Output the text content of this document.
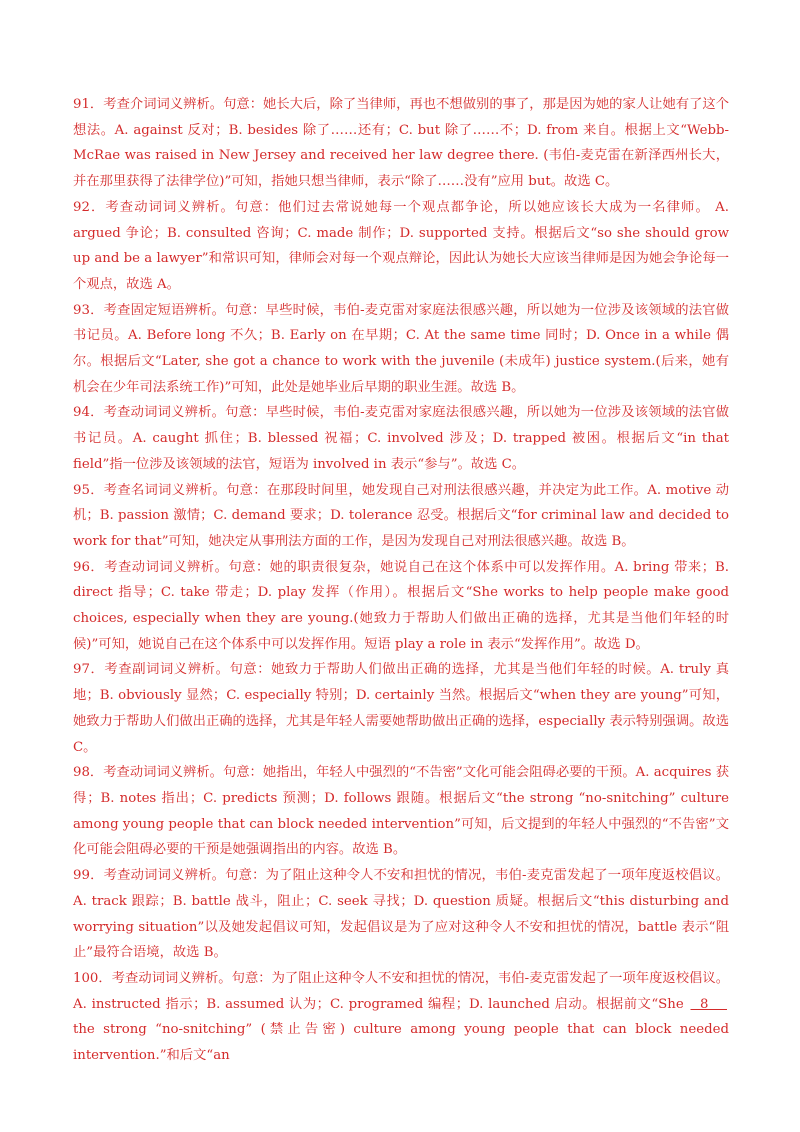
91．考查介词词义辨析。句意：她长大后，除了当律师，再也不想做别的事了，那是因为她的家人让她有了这个想法。A. against 反对；B. besides 除了……还有；C. but 除了……不；D. from 来自。根据上文“Webb-McRae was raised in New Jersey and received her law degree there. (韦伯-麦克雷在新泽西州长大，并在那里获得了法律学位)”可知，指她只想当律师，表示“除了……没有”应用 but。故选 C。

92．考查动词词义辨析。句意：他们过去常说她每一个观点都争论，所以她应该长大成为一名律师。 A. argued 争论；B. consulted 咨询；C. made 制作；D. supported 支持。根据后文“so she should grow up and be a lawyer”和常识可知，律师会对每一个观点辩论，因此认为她长大应该当律师是因为她会争论每一个观点，故选 A。

93．考查固定短语辨析。句意：早些时候，韦伯-麦克雷对家庭法很感兴趣，所以她为一位涉及该领域的法官做书记员。A. Before long 不久；B. Early on 在早期；C. At the same time 同时；D. Once in a while 偶尔。根据后文“Later, she got a chance to work with the juvenile (未成年) justice system.(后来，她有机会在少年司法系统工作)”可知，此处是她毕业后早期的职业生涯。故选 B。

94．考查动词词义辨析。句意：早些时候，韦伯-麦克雷对家庭法很感兴趣，所以她为一位涉及该领域的法官做书记员。A. caught 抓住；B. blessed 祝福；C. involved 涉及；D. trapped 被困。根据后文“in that field”指一位涉及该领域的法官，短语为 involved in 表示“参与”。故选 C。

95．考查名词词义辨析。句意：在那段时间里，她发现自己对刑法很感兴趣，并决定为此工作。A. motive 动机；B. passion 激情；C. demand 要求；D. tolerance 忍受。根据后文“for criminal law and decided to work for that”可知，她决定从事刑法方面的工作，是因为发现自己对刑法很感兴趣。故选 B。

96．考查动词词义辨析。句意：她的职责很复杂，她说自己在这个体系中可以发挥作用。A. bring 带来；B. direct 指导；C. take 带走；D. play 发挥（作用）。根据后文“She works to help people make good choices, especially when they are young.(她致力于帮助人们做出正确的选择，尤其是当他们年轻的时候)”可知，她说自己在这个体系中可以发挥作用。短语 play a role in 表示“发挥作用”。故选 D。

97．考查副词词义辨析。句意：她致力于帮助人们做出正确的选择，尤其是当他们年轻的时候。A. truly 真地；B. obviously 显然；C. especially 特别；D. certainly 当然。根据后文“when they are young”可知，她致力于帮助人们做出正确的选择，尤其是年轻人需要她帮助做出正确的选择，especially 表示特别强调。故选 C。

98．考查动词词义辨析。句意：她指出，年轻人中强烈的“不告密”文化可能会阻碍必要的干预。A. acquires 获得；B. notes 指出；C. predicts 预测；D. follows 跟随。根据后文“the strong “no-snitching” culture among young people that can block needed intervention”可知，后文提到的年轻人中强烈的“不告密”文化可能会阻碍必要的干预是她强调指出的内容。故选 B。

99．考查动词词义辨析。句意：为了阻止这种令人不安和担忧的情况，韦伯-麦克雷发起了一项年度返校倡议。A. track 跟踪；B. battle 战斗，阻止；C. seek 寻找；D. question 质疑。根据后文“this disturbing and worrying situation”以及她发起倡议可知，发起倡议是为了应对这种令人不安和担忧的情况，battle 表示“阻止”最符合语境，故选 B。

100．考查动词词义辨析。句意：为了阻止这种令人不安和担忧的情况，韦伯-麦克雷发起了一项年度返校倡议。A. instructed 指示；B. assumed 认为；C. programed 编程；D. launched 启动。根据前文“She 8     the strong “no-snitching” (禁止告密) culture among young people that can block needed intervention.”和后文“an
